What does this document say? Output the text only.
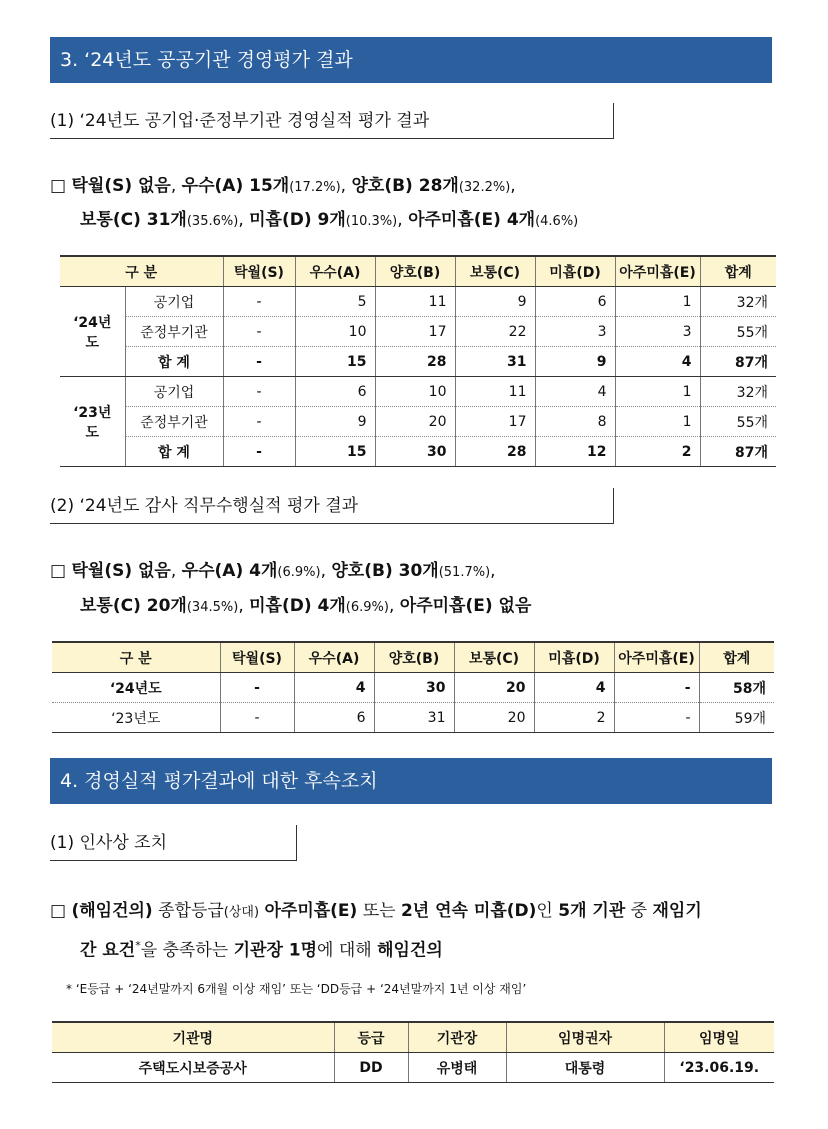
3. ‘24년도 공공기관 경영평가 결과
(1) ‘24년도 공기업·준정부기관 경영실적 평가 결과
□ 탁월(S) 없음, 우수(A) 15개(17.2%), 양호(B) 28개(32.2%),
보통(C) 31개(35.6%), 미흡(D) 9개(10.3%), 아주미흡(E) 4개(4.6%)
구 분		탁월(S)	우수(A)	양호(B)	보통(C)	미흡(D)	아주미흡(E)	합계
‘24년도	공기업	-	5	11	9	6	1	32개
	준정부기관	-	10	17	22	3	3	55개
	합 계	-	15	28	31	9	4	87개
‘23년도	공기업	-	6	10	11	4	1	32개
	준정부기관	-	9	20	17	8	1	55개
	합 계	-	15	30	28	12	2	87개
(2) ‘24년도 감사 직무수행실적 평가 결과
□ 탁월(S) 없음, 우수(A) 4개(6.9%), 양호(B) 30개(51.7%),
보통(C) 20개(34.5%), 미흡(D) 4개(6.9%), 아주미흡(E) 없음
구 분	탁월(S)	우수(A)	양호(B)	보통(C)	미흡(D)	아주미흡(E)	합계
‘24년도	-	4	30	20	4	-	58개
‘23년도	-	6	31	20	2	-	59개
4. 경영실적 평가결과에 대한 후속조치
(1) 인사상 조치
□ (해임건의) 종합등급(상대) 아주미흡(E) 또는 2년 연속 미흡(D)인 5개 기관 중 재임기
간 요건*을 충족하는 기관장 1명에 대해 해임건의
* ‘E등급 + ‘24년말까지 6개월 이상 재임’ 또는 ‘DD등급 + ‘24년말까지 1년 이상 재임’
기관명	등급	기관장	임명권자	임명일
주택도시보증공사	DD	유병태	대통령	‘23.06.19.
